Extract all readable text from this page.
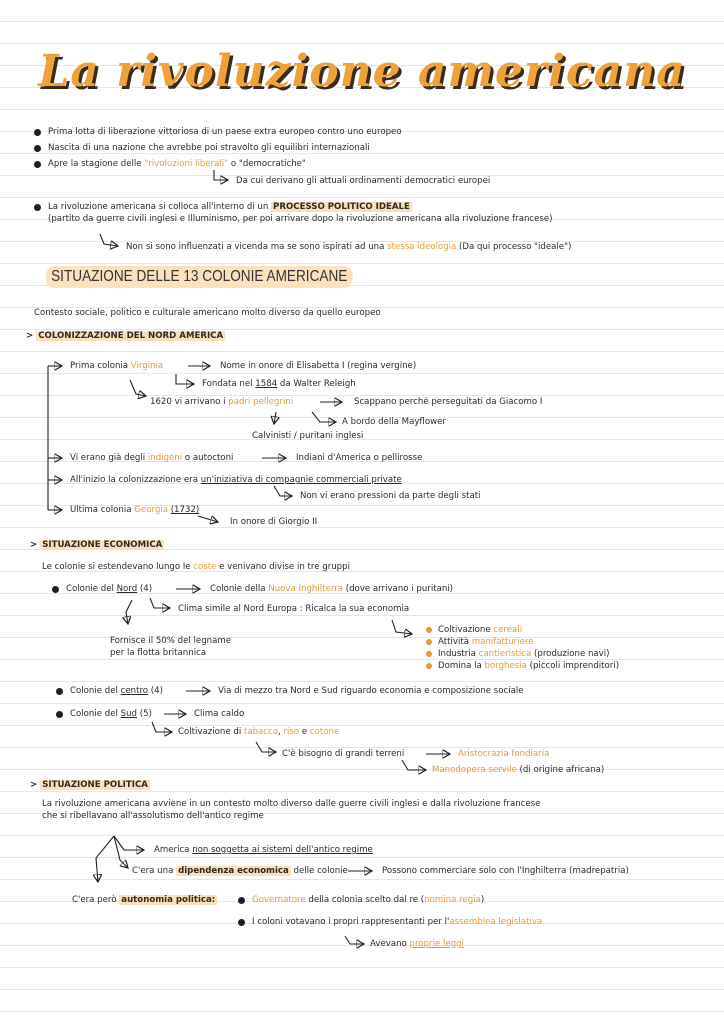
La rivoluzione americana
Prima lotta di liberazione vittoriosa di un paese extra europeo contro uno europeo
Nascita di una nazione che avrebbe poi stravolto gli equilibri internazionali
Apre la stagione delle "rivoluzioni liberali" o "democratiche"
Da cui derivano gli attuali ordinamenti democratici europei
La rivoluzione americana si colloca all'interno di un PROCESSO POLITICO IDEALE
(partito da guerre civili inglesi e Illuminismo, per poi arrivare dopo la rivoluzione americana alla rivoluzione francese)
Non si sono influenzati a vicenda ma se sono ispirati ad una stessa ideologia (Da qui processo "ideale")
SITUAZIONE DELLE 13 COLONIE AMERICANE
Contesto sociale, politico e culturale americano molto diverso da quello europeo
> COLONIZZAZIONE DEL NORD AMERICA
Prima colonia Virginia	Nome in onore di Elisabetta I (regina vergine)
Fondata nel 1584 da Walter Releigh
1620 vi arrivano i padri pellegrini	Scappano perché perseguitati da Giacomo I
A bordo della Mayflower
Calvinisti / puritani inglesi
Vi erano già degli indigeni o autoctoni	Indiani d'America o pellirosse
All'inizio la colonizzazione era un'iniziativa di compagnie commerciali private
Non vi erano pressioni da parte degli stati
Ultima colonia Georgia (1732)
In onore di Giorgio II
> SITUAZIONE ECONOMICA
Le colonie si estendevano lungo le coste e venivano divise in tre gruppi
Colonie del Nord (4)	Colonie della Nuova Inghilterra (dove arrivano i puritani)
Clima simile al Nord Europa : Ricalca la sua economia
Fornisce il 50% del legname
per la flotta britannica
Coltivazione cereali
Attività manifatturiere
Industria cantieristica (produzione navi)
Domina la borghesia (piccoli imprenditori)
Colonie del centro (4)	Via di mezzo tra Nord e Sud riguardo economia e composizione sociale
Colonie del Sud (5)	Clima caldo
Coltivazione di tabacco, riso e cotone
C'è bisogno di grandi terreni	Aristocrazia fondiaria
Manodopera servile (di origine africana)
> SITUAZIONE POLITICA
La rivoluzione americana avviene in un contesto molto diverso dalle guerre civili inglesi e dalla rivoluzione francese
che si ribellavano all'assolutismo dell'antico regime
America non soggetta ai sistemi dell'antico regime
C'era una dipendenza economica delle colonie	Possono commerciare solo con l'Inghilterra (madrepatria)
C'era però autonomia politica:	Governatore della colonia scelto dal re (nomina regia)
I coloni votavano i propri rappresentanti per l'assemblea legislativa
Avevano proprie leggi
